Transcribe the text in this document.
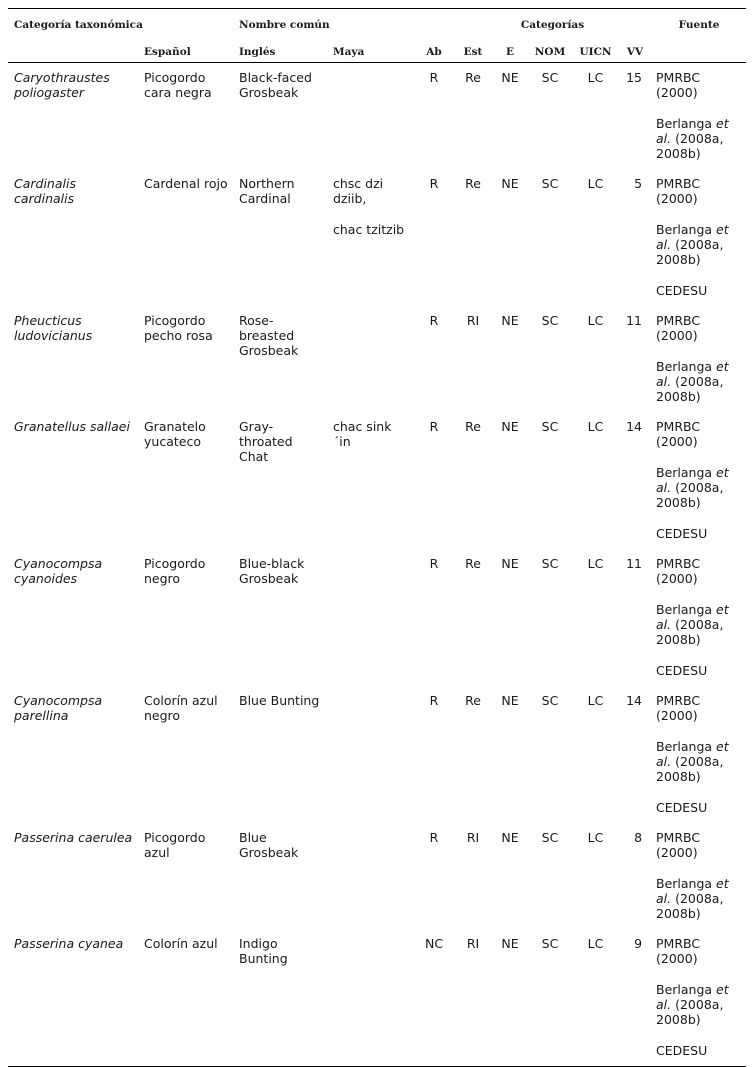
Categoría taxonómica		Nombre común			Categorías					Fuente
	Español	Inglés	Maya	Ab	Est	E	NOM	UICN	VV	
Caryothraustes poliogaster	Picogordo cara negra	Black-faced Grosbeak		R	Re	NE	SC	LC	15	PMRBC (2000)
Berlanga et al. (2008a, 2008b)

Cardinalis cardinalis	Cardenal rojo	Northern Cardinal	chsc dzi dziib,
chac tzitzib	R	Re	NE	SC	LC	5	PMRBC (2000)
Berlanga et al. (2008a, 2008b)
CEDESU

Pheucticus ludovicianus	Picogordo pecho rosa	Rose-breasted Grosbeak		R	RI	NE	SC	LC	11	PMRBC (2000)
Berlanga et al. (2008a, 2008b)

Granatellus sallaei	Granatelo yucateco	Gray-throated Chat	chac sink´in	R	Re	NE	SC	LC	14	PMRBC (2000)
Berlanga et al. (2008a, 2008b)
CEDESU

Cyanocompsa cyanoides	Picogordo negro	Blue-black Grosbeak		R	Re	NE	SC	LC	11	PMRBC (2000)
Berlanga et al. (2008a, 2008b)
CEDESU

Cyanocompsa parellina	Colorín azul negro	Blue Bunting		R	Re	NE	SC	LC	14	PMRBC (2000)
Berlanga et al. (2008a, 2008b)
CEDESU

Passerina caerulea	Picogordo azul	Blue Grosbeak		R	RI	NE	SC	LC	8	PMRBC (2000)
Berlanga et al. (2008a, 2008b)

Passerina cyanea	Colorín azul	Indigo Bunting		NC	RI	NE	SC	LC	9	PMRBC (2000)
Berlanga et al. (2008a, 2008b)
CEDESU
